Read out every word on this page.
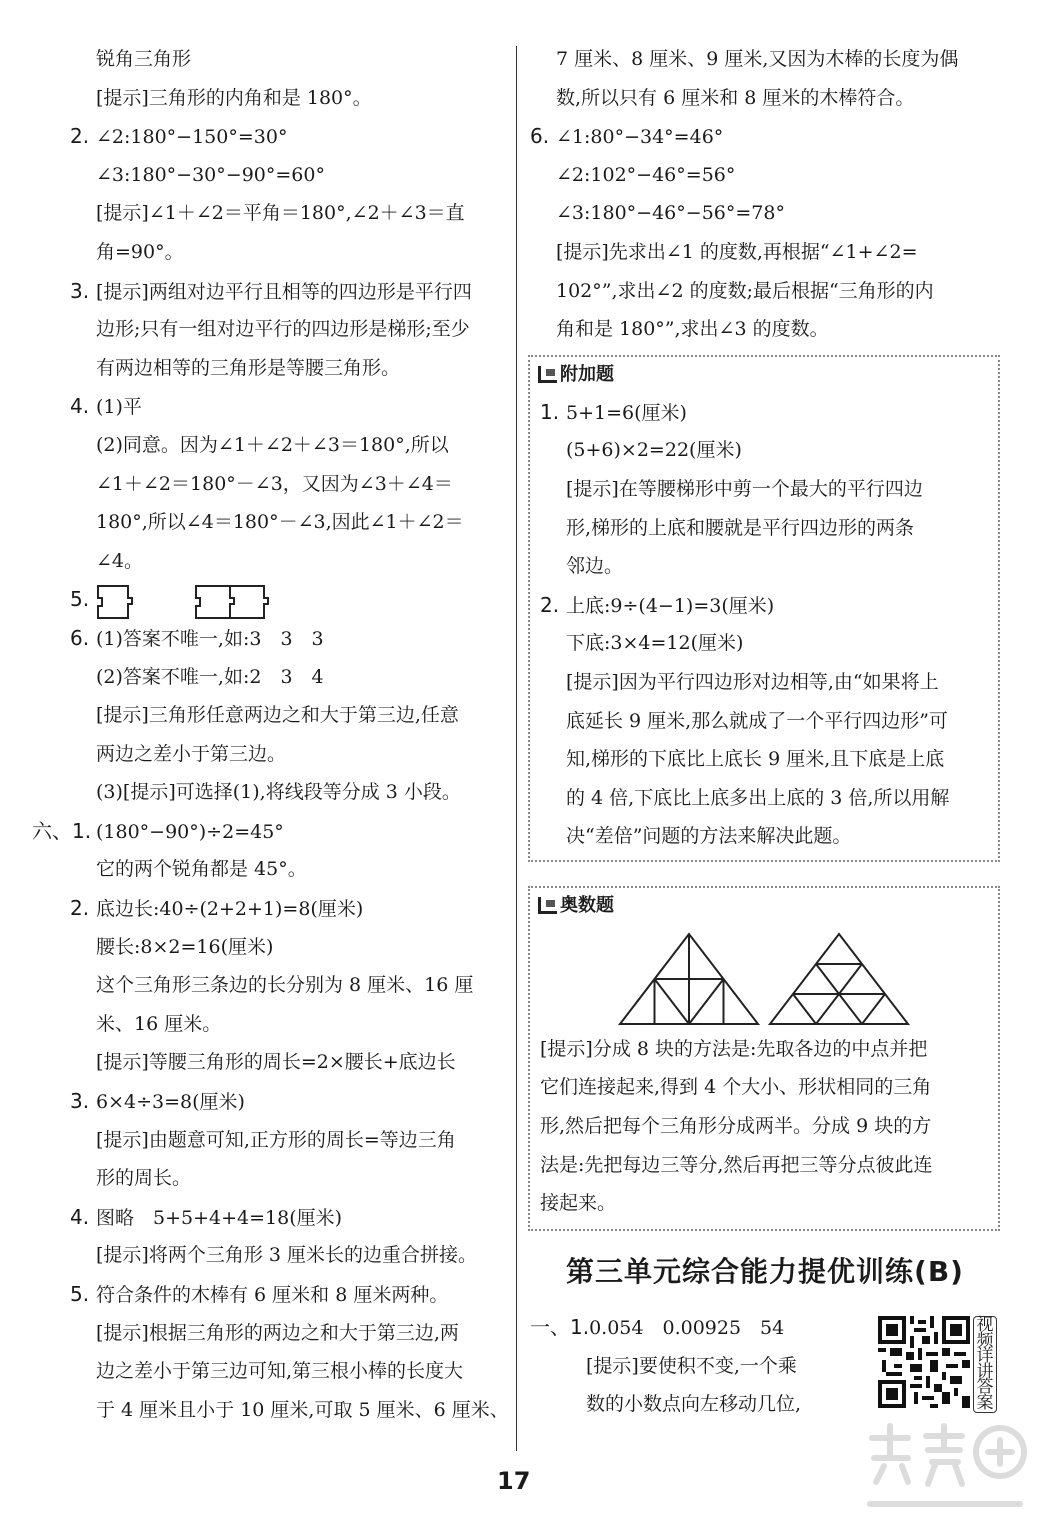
锐角三角形
[提示]三角形的内角和是 180°。
2. ∠2:180°−150°=30°
∠3:180°−30°−90°=60°
[提示]∠1＋∠2＝平角＝180°,∠2＋∠3＝直
角=90°。
3. [提示]两组对边平行且相等的四边形是平行四
边形;只有一组对边平行的四边形是梯形;至少
有两边相等的三角形是等腰三角形。
4. (1)平
(2)同意。因为∠1＋∠2＋∠3＝180°,所以
∠1＋∠2＝180°－∠3，又因为∠3＋∠4＝
180°,所以∠4＝180°－∠3,因此∠1＋∠2＝
∠4。
5.
6. (1)答案不唯一,如:3　3　3
(2)答案不唯一,如:2　3　4
[提示]三角形任意两边之和大于第三边,任意
两边之差小于第三边。
(3)[提示]可选择(1),将线段等分成 3 小段。
六、1. (180°−90°)÷2=45°
它的两个锐角都是 45°。
2. 底边长:40÷(2+2+1)=8(厘米)
腰长:8×2=16(厘米)
这个三角形三条边的长分别为 8 厘米、16 厘
米、16 厘米。
[提示]等腰三角形的周长=2×腰长+底边长
3. 6×4÷3=8(厘米)
[提示]由题意可知,正方形的周长=等边三角
形的周长。
4. 图略　5+5+4+4=18(厘米)
[提示]将两个三角形 3 厘米长的边重合拼接。
5. 符合条件的木棒有 6 厘米和 8 厘米两种。
[提示]根据三角形的两边之和大于第三边,两
边之差小于第三边可知,第三根小棒的长度大
于 4 厘米且小于 10 厘米,可取 5 厘米、6 厘米、
7 厘米、8 厘米、9 厘米,又因为木棒的长度为偶
数,所以只有 6 厘米和 8 厘米的木棒符合。
6. ∠1:80°−34°=46°
∠2:102°−46°=56°
∠3:180°−46°−56°=78°
[提示]先求出∠1 的度数,再根据“∠1+∠2=
102°”,求出∠2 的度数;最后根据“三角形的内
角和是 180°”,求出∠3 的度数。
附加题
1. 5+1=6(厘米)
(5+6)×2=22(厘米)
[提示]在等腰梯形中剪一个最大的平行四边
形,梯形的上底和腰就是平行四边形的两条
邻边。
2. 上底:9÷(4−1)=3(厘米)
下底:3×4=12(厘米)
[提示]因为平行四边形对边相等,由“如果将上
底延长 9 厘米,那么就成了一个平行四边形”可
知,梯形的下底比上底长 9 厘米,且下底是上底
的 4 倍,下底比上底多出上底的 3 倍,所以用解
决“差倍”问题的方法来解决此题。
奥数题
[提示]分成 8 块的方法是:先取各边的中点并把
它们连接起来,得到 4 个大小、形状相同的三角
形,然后把每个三角形分成两半。分成 9 块的方
法是:先把每边三等分,然后再把三等分点彼此连
接起来。
第三单元综合能力提优训练(B)
一、1.0.054　0.00925　54
[提示]要使积不变,一个乘
数的小数点向左移动几位,
视频详讲答案
17
